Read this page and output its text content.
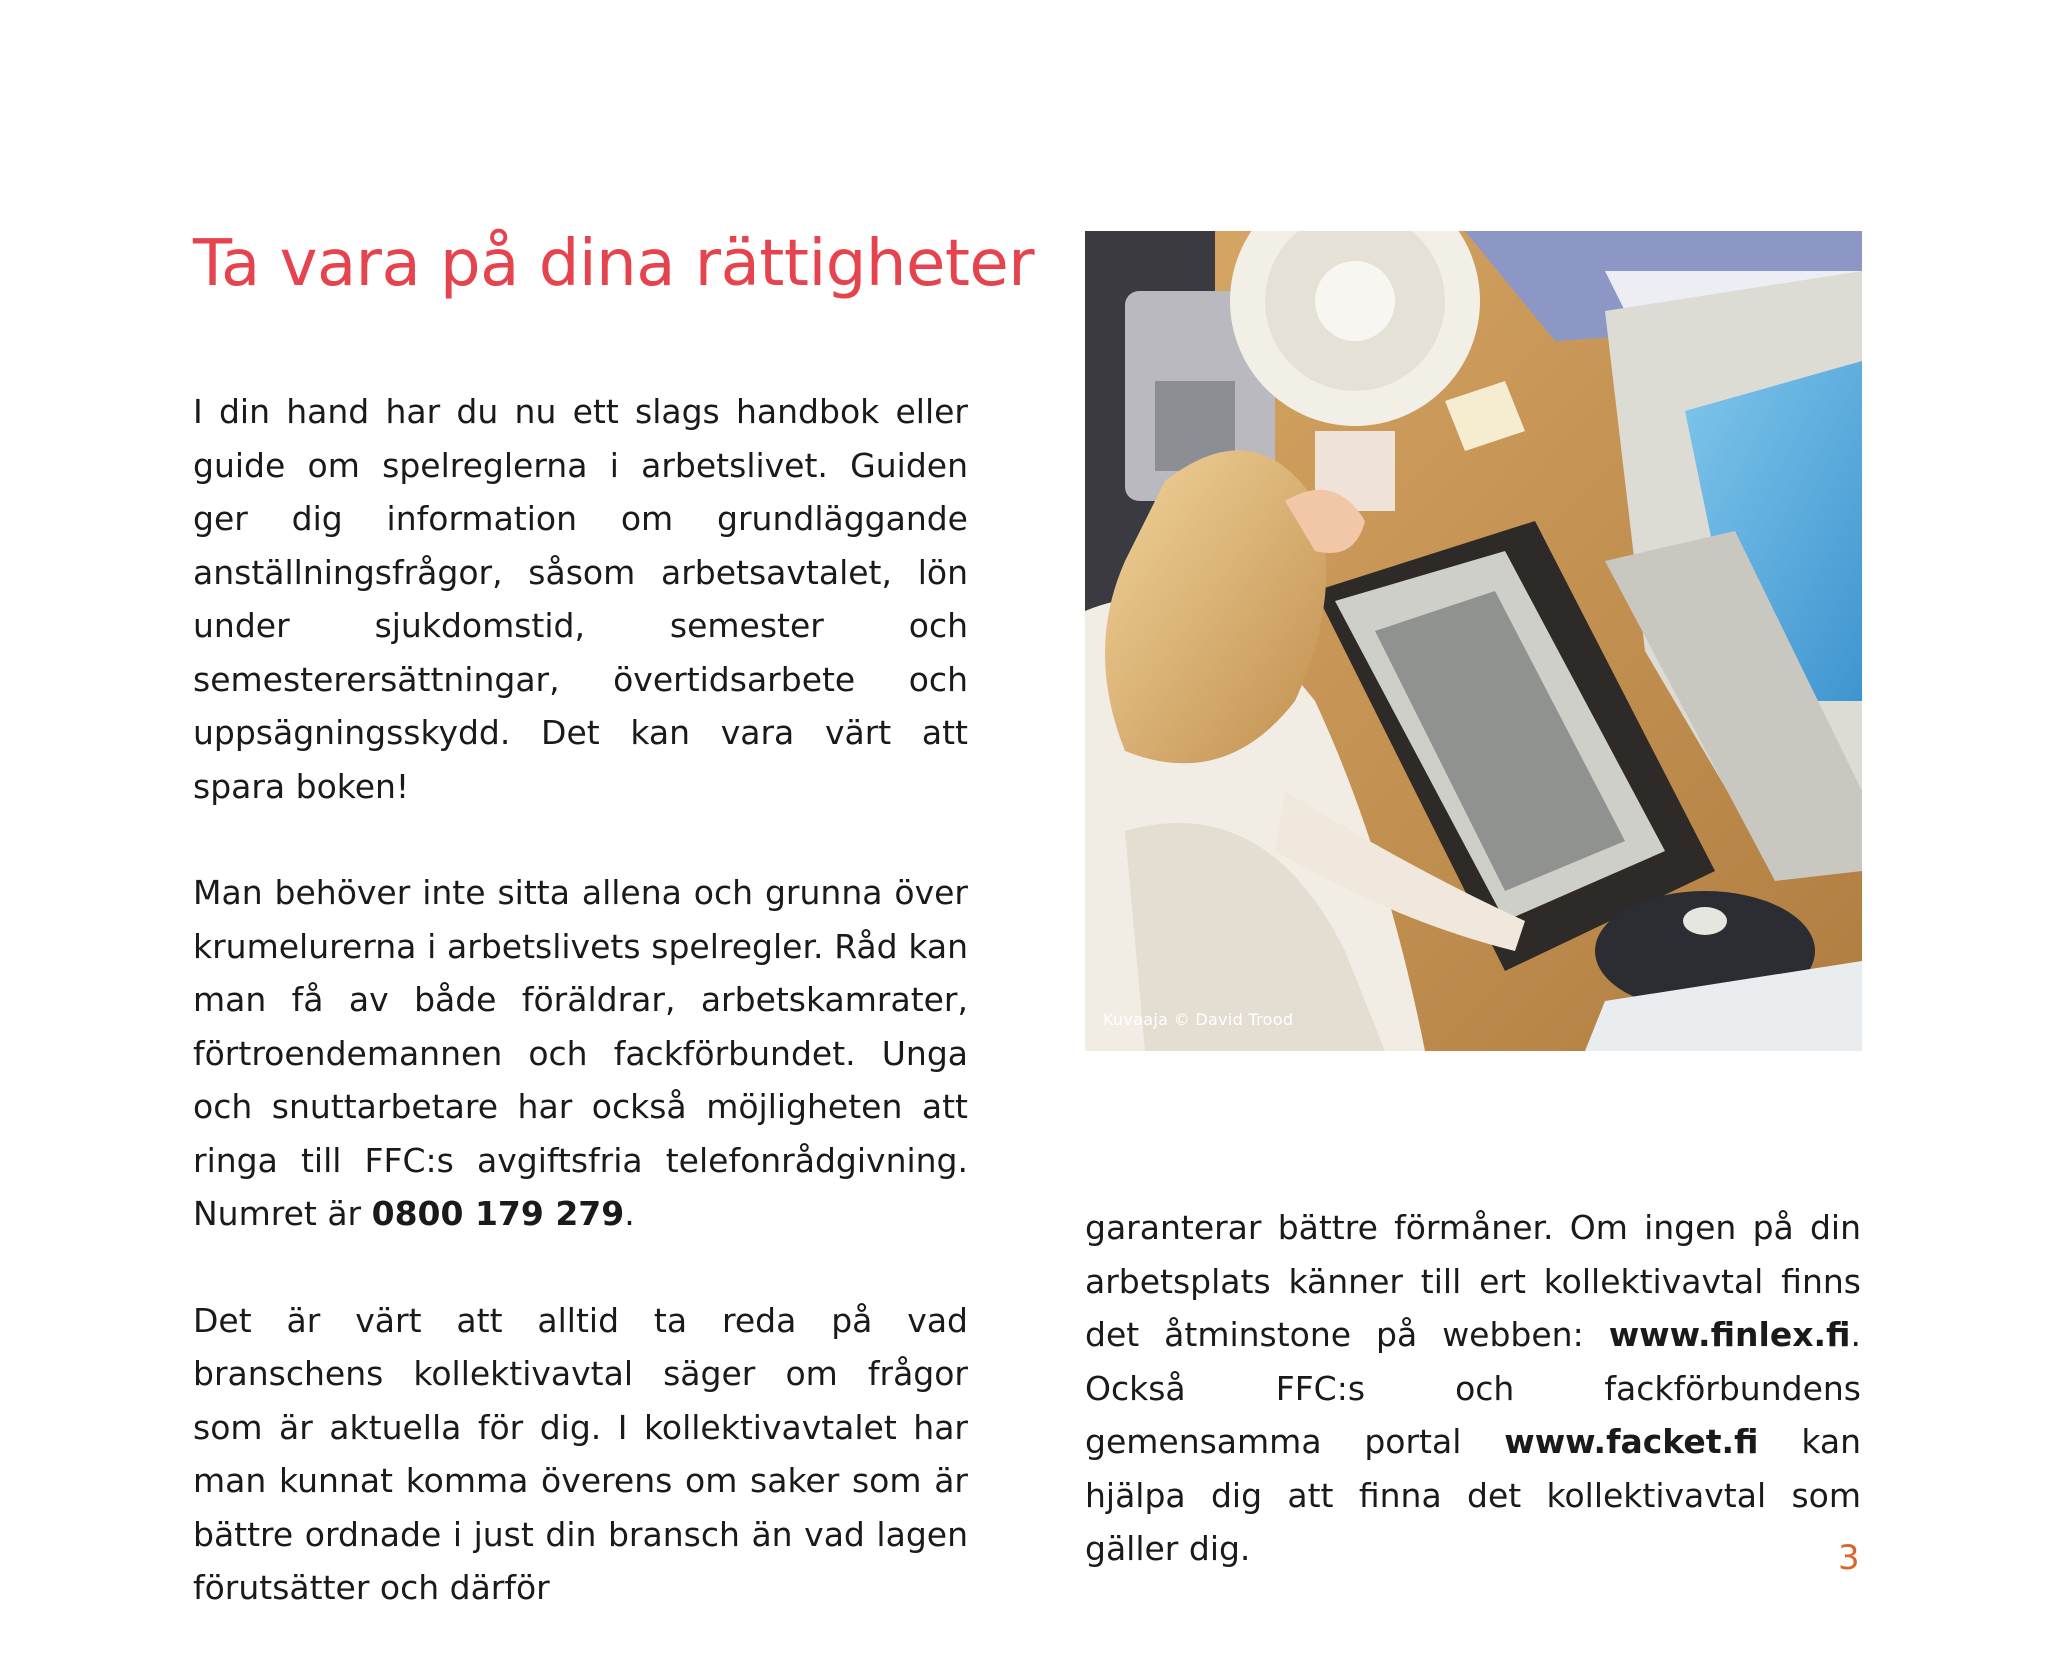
Ta vara på dina rättigheter

I din hand har du nu ett slags handbok eller guide om spelreglerna i arbetslivet. Guiden ger dig information om grundläggande anställningsfrågor, såsom arbetsavtalet, lön under sjukdomstid, semester och semesterersättningar, övertidsarbete och uppsägningsskydd. Det kan vara värt att spara boken!

Man behöver inte sitta allena och grunna över krumelurerna i arbetslivets spelregler. Råd kan man få av både föräldrar, arbetskamrater, förtroendemannen och fackförbundet. Unga och snuttarbetare har också möjligheten att ringa till FFC:s avgiftsfria telefonrådgivning. Numret är 0800 179 279.

Det är värt att alltid ta reda på vad branschens kollektivavtal säger om frågor som är aktuella för dig. I kollektivavtalet har man kunnat komma överens om saker som är bättre ordnade i just din bransch än vad lagen förutsätter och därför

Kuvaaja © David Trood

garanterar bättre förmåner. Om ingen på din arbetsplats känner till ert kollektivavtal finns det åtminstone på webben: www.finlex.fi. Också FFC:s och fackförbundens gemensamma portal www.facket.fi kan hjälpa dig att finna det kollektivavtal som gäller dig.	3
